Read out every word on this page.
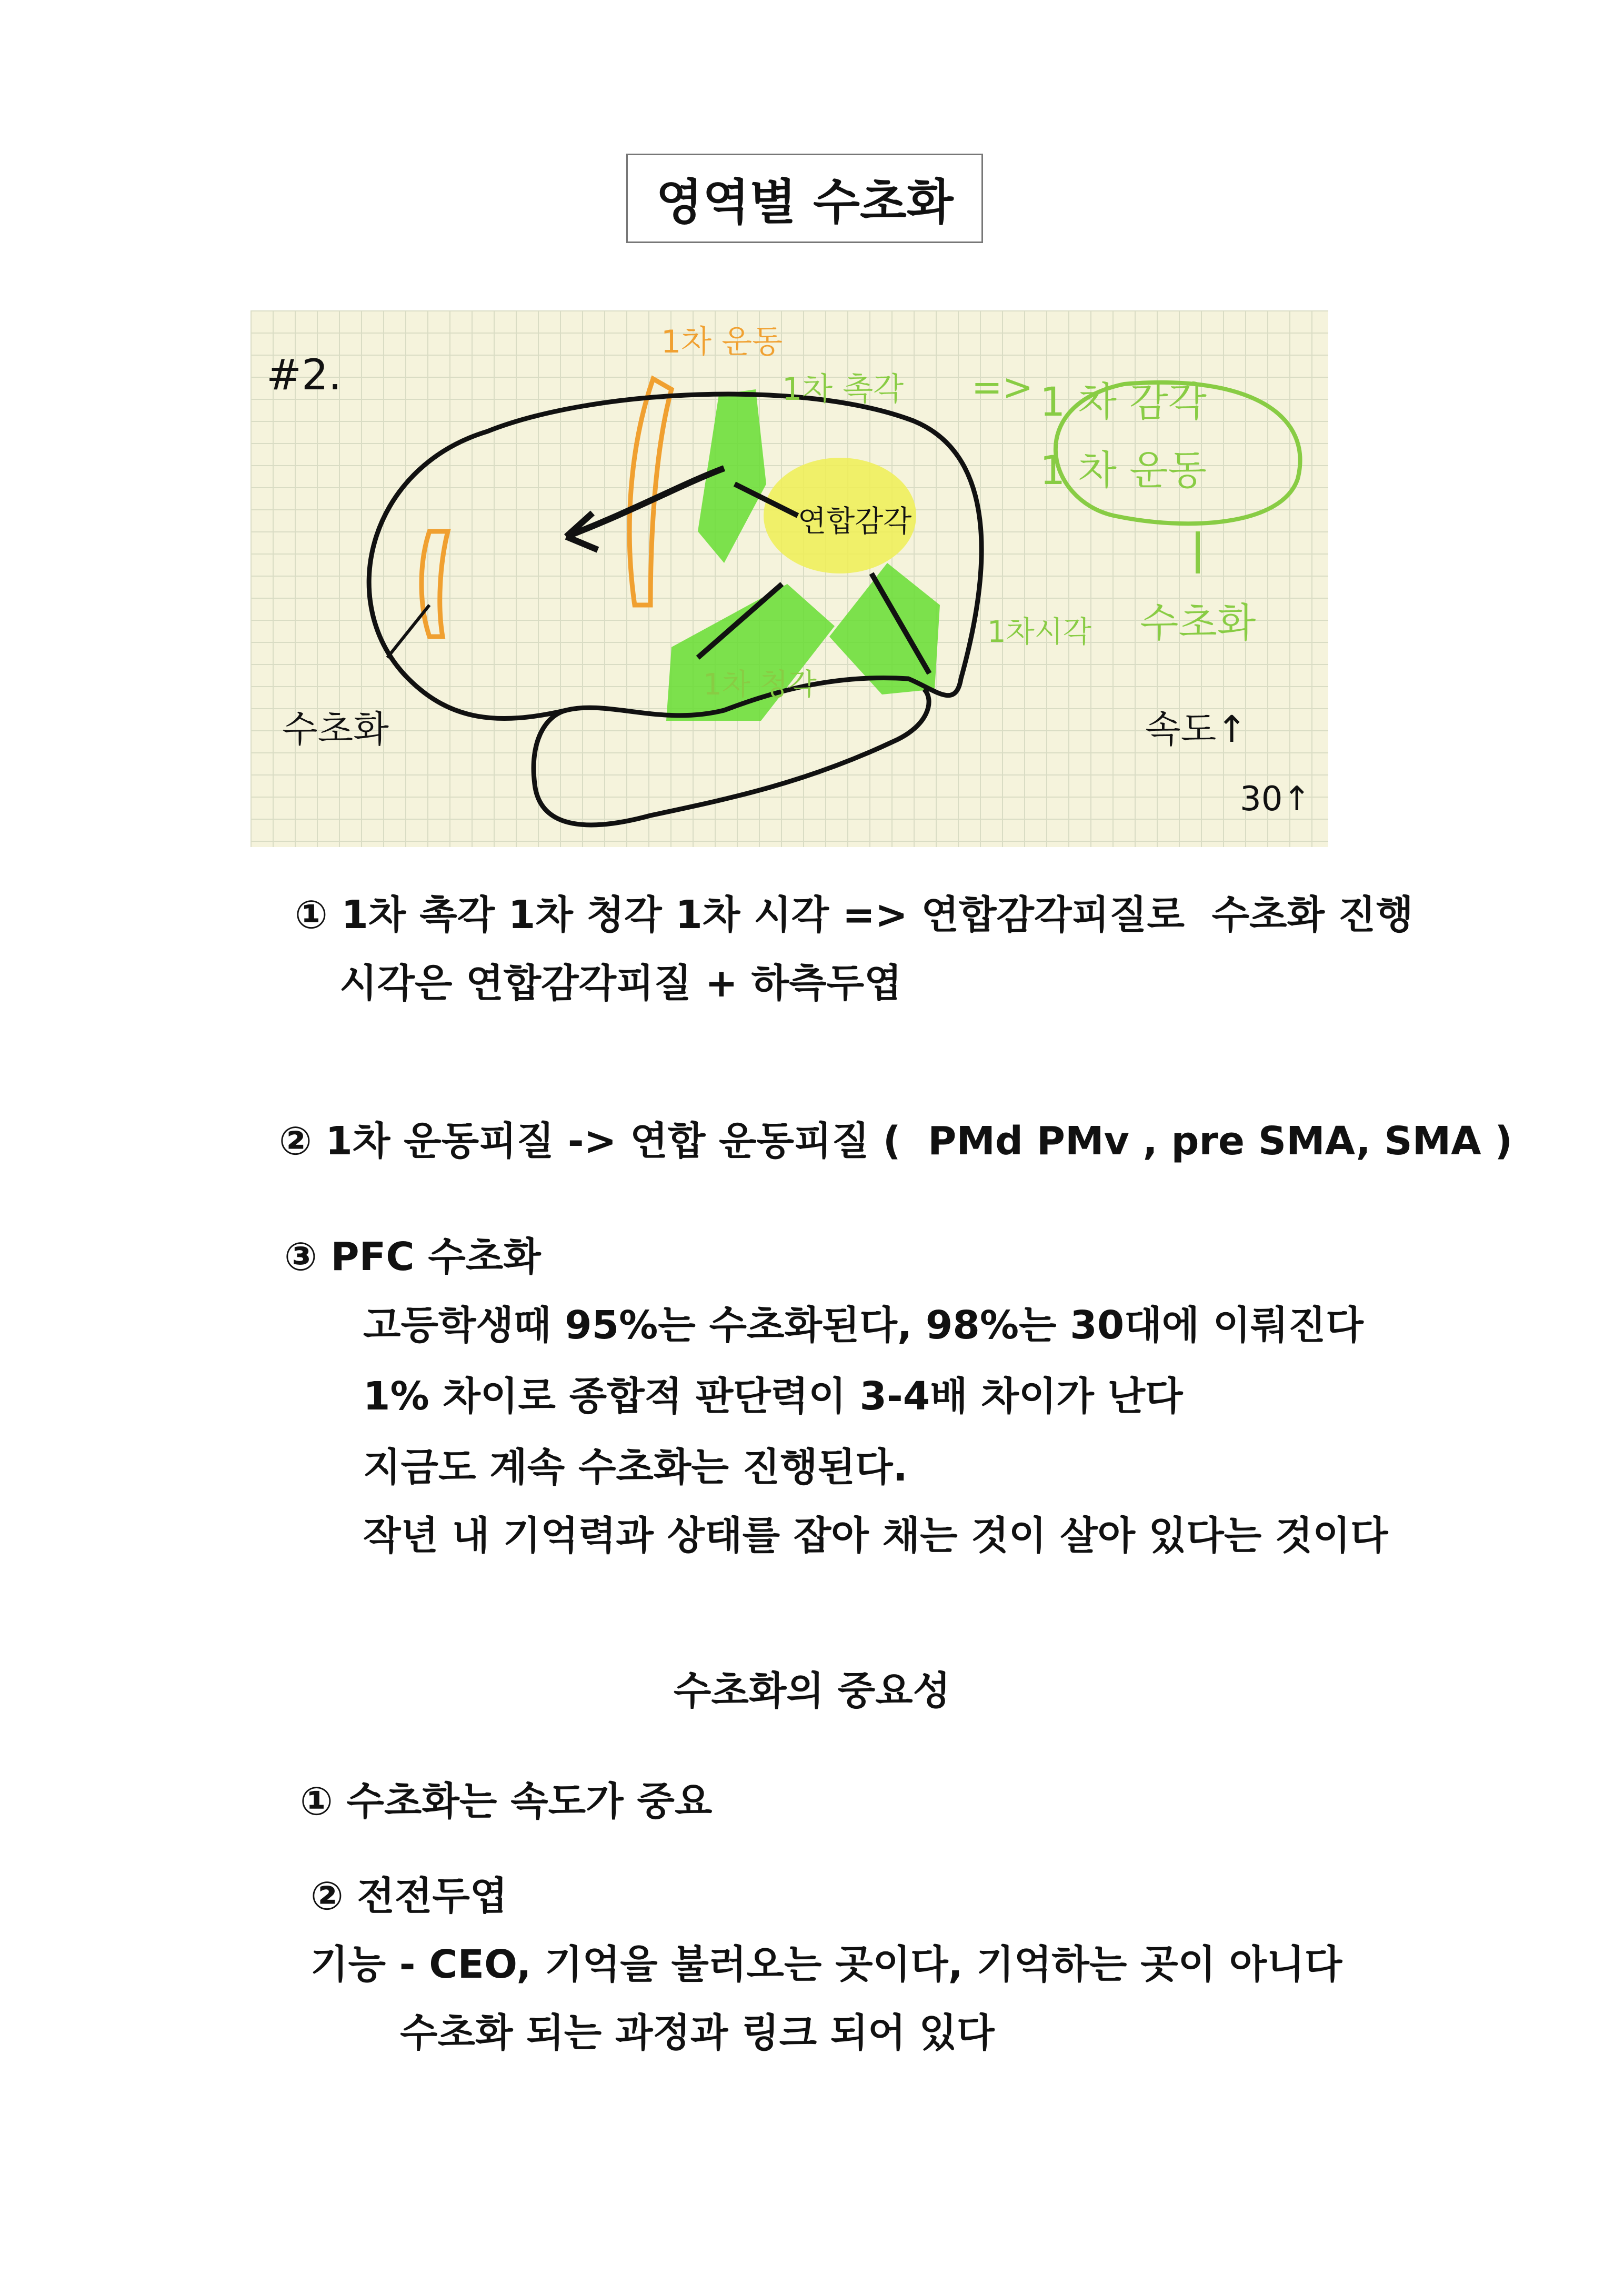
영역별 수초화
#2.
1차 운동
1차 촉각
연합감각
1차 청각
1차시각
수초화
=> 1 차 감각
1 차 운동
수초화
속도↑
30↑
① 1차 촉각 1차 청각 1차 시각 => 연합감각피질로  수초화 진행
시각은 연합감각피질 + 하측두엽
② 1차 운동피질 -> 연합 운동피질 (  PMd PMv , pre SMA, SMA )
③ PFC 수초화
고등학생때 95%는 수초화된다, 98%는 30대에 이뤄진다
1% 차이로 종합적 판단력이 3-4배 차이가 난다
지금도 계속 수초화는 진행된다.
작년 내 기억력과 상태를 잡아 채는 것이 살아 있다는 것이다
수초화의 중요성
① 수초화는 속도가 중요
② 전전두엽
기능 - CEO, 기억을 불러오는 곳이다, 기억하는 곳이 아니다
수초화 되는 과정과 링크 되어 있다
